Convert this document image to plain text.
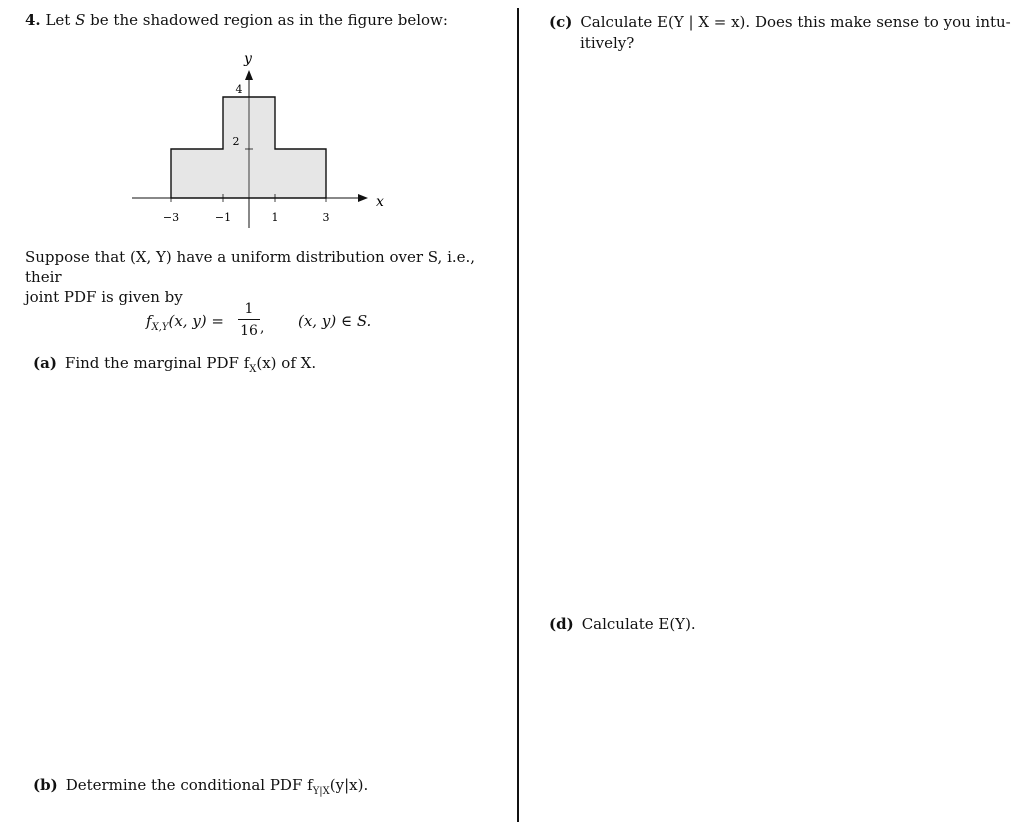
4. Let S be the shadowed region as in the figure below:
−3	−1	1	3
4
2
x
y
Suppose that (X, Y) have a uniform distribution over S, i.e., their
joint PDF is given by
$f_{X,Y}(x$, y) =
1
16 , (x, y) ∈ S.
(a) Find the marginal PDF $f_X(x)$ of X.
(b) Determine the conditional PDF $f_{Y|X}(y|x)$.
(c) Calculate E(Y | X = x). Does this make sense to you intu-
itively?
(d) Calculate E(Y).
